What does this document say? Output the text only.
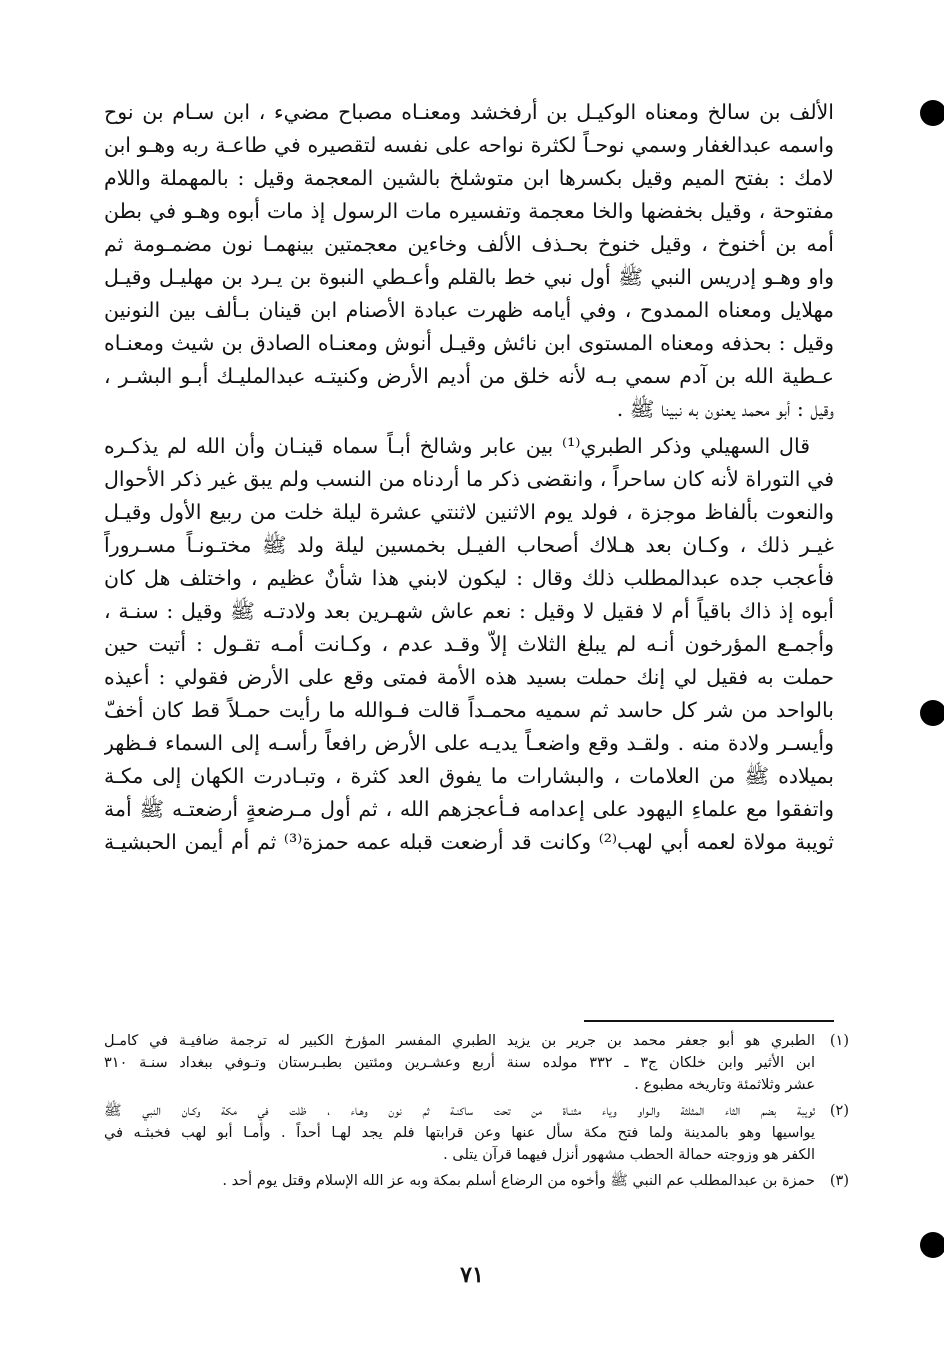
الألف بن سالخ ومعناه الوكيـل بن أرفخشد ومعنـاه مصباح مضيء ، ابن سـام بن نوح
واسمه عبدالغفار وسمي نوحـاً لكثرة نواحه على نفسه لتقصيره في طاعـة ربه وهـو ابن
لامك : بفتح الميم وقيل بكسرها ابن متوشلخ بالشين المعجمة وقيل : بالمهملة واللام
مفتوحة ، وقيل بخفضها والخا معجمة وتفسيره مات الرسول إذ مات أبوه وهـو في بطن
أمه بن أخنوخ ، وقيل خنوخ بحـذف الألف وخاءين معجمتين بينهمـا نون مضمـومة ثم
واو وهـو إدريس النبي ﷺ أول نبي خط بالقلم وأعـطي النبوة بن يـرد بن مهليـل وقيـل
مهلايل ومعناه الممدوح ، وفي أيامه ظهرت عبادة الأصنام ابن قينان بـألف بين النونين
وقيل : بحذفه ومعناه المستوى ابن نائش وقيـل أنوش ومعنـاه الصادق بن شيث ومعنـاه
عـطية الله بن آدم سمي بـه لأنه خلق من أديم الأرض وكنيتـه عبدالمليـك أبـو البشـر ،
وقيل : أبو محمد يعنون به نبينا ﷺ .
قال السهيلي وذكر الطبري⁽¹⁾ بين عابر وشالخ أبـاً سماه قينـان وأن الله لم يذكـره
في التوراة لأنه كان ساحراً ، وانقضى ذكر ما أردناه من النسب ولم يبق غير ذكر الأحوال
والنعوت بألفاظ موجزة ، فولد يوم الاثنين لاثنتي عشرة ليلة خلت من ربيع الأول وقيـل
غيـر ذلك ، وكـان بعد هـلاك أصحاب الفيـل بخمسين ليلة ولد ﷺ مختـونـاً مسـروراً
فأعجب جده عبدالمطلب ذلك وقال : ليكون لابني هذا شأنٌ عظيم ، واختلف هل كان
أبوه إذ ذاك باقياً أم لا فقيل لا وقيل : نعم عاش شهـرين بعد ولادتـه ﷺ وقيل : سنـة ،
وأجمـع المؤرخون أنـه لم يبلغ الثلاث إلاّ وقـد عدم ، وكـانت أمـه تقـول : أتيت حين
حملت به فقيل لي إنك حملت بسيد هذه الأمة فمتى وقع على الأرض فقولي : أعيذه
بالواحد من شر كل حاسد ثم سميه محمـداً قالت فـوالله ما رأيت حمـلاً قط كان أخفّ
وأيسـر ولادة منه . ولقـد وقع واضعـاً يديـه على الأرض رافعاً رأسـه إلى السماء فـظهر
بميلاده ﷺ من العلامات ، والبشارات ما يفوق العد كثرة ، وتبـادرت الكهان إلى مكـة
واتفقوا مع علماءِ اليهود على إعدامه فـأعجزهم الله ، ثم أول مـرضعةٍ أرضعتـه ﷺ أمة
ثويبة مولاة لعمه أبي لهب⁽²⁾ وكانت قد أرضعت قبله عمه حمزة⁽³⁾ ثم أم أيمن الحبشيـة
(١)
الطبري هو أبو جعفر محمد بن جرير بن يزيد الطبري المفسر المؤرخ الكبير له ترجمة ضافيـة في كامـل
ابن الأثير وابن خلكان ج٣ ـ ٣٣٢ مولده سنة أربع وعشـرين ومئتين بطبـرستان وتـوفي ببغداد سنـة ٣١٠
عشر وثلاثمئة وتاريخه مطبوع .
(٢)
ثويبة بضم الثاء المثلثة والـواو وياء مثنـاة من تحت ساكنـة ثم نون وهـاء ، ظلت في مكة وكـان النبي ﷺ
يواسيها وهو بالمدينة ولما فتح مكة سأل عنها وعن قرابتها فلم يجد لهـا أحداً . وأمـا أبو لهب فخبثـه في
الكفر هو وزوجته حمالة الحطب مشهور أنزل فيهما قرآن يتلى .
(٣)
حمزة بن عبدالمطلب عم النبي ﷺ وأخوه من الرضاع أسلم بمكة وبه عز الله الإسلام وقتل يوم أُحد .
٧١
